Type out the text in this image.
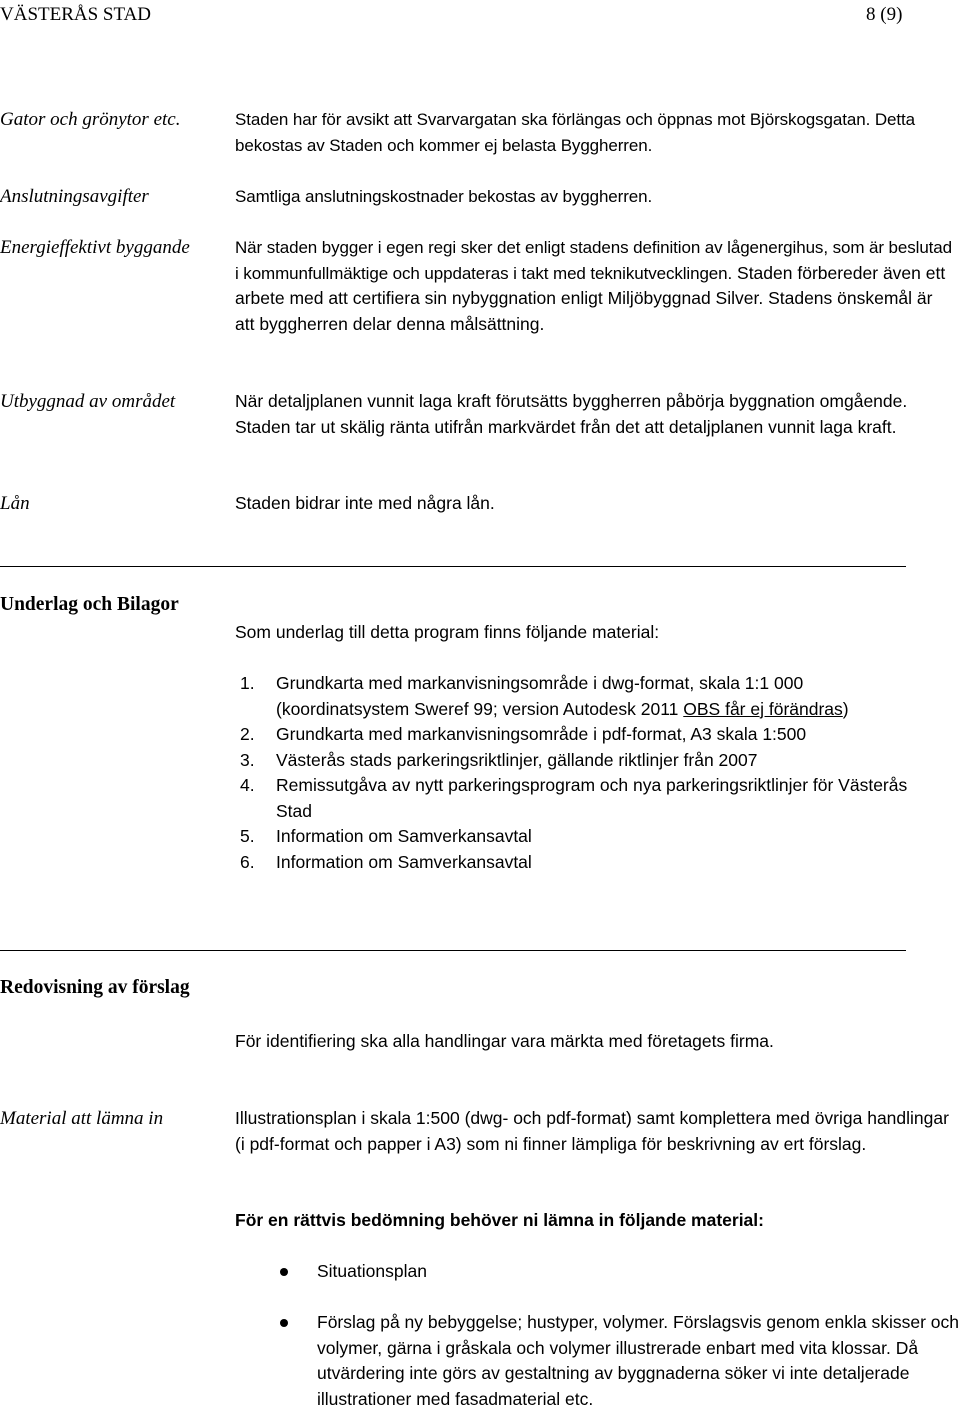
VÄSTERÅS STAD	8 (9)
Gator och grönytor etc.	Staden har för avsikt att Svarvargatan ska förlängas och öppnas mot Björskogsgatan. Detta bekostas av Staden och kommer ej belasta Byggherren.
Anslutningsavgifter	Samtliga anslutningskostnader bekostas av byggherren.
Energieffektivt byggande	När staden bygger i egen regi sker det enligt stadens definition av lågenergihus, som är beslutad i kommunfullmäktige och uppdateras i takt med teknikutvecklingen. Staden förbereder även ett arbete med att certifiera sin nybyggnation enligt Miljöbyggnad Silver. Stadens önskemål är att byggherren delar denna målsättning.
Utbyggnad av området	När detaljplanen vunnit laga kraft förutsätts byggherren påbörja byggnation omgående. Staden tar ut skälig ränta utifrån markvärdet från det att detaljplanen vunnit laga kraft.
Lån	Staden bidrar inte med några lån.
Underlag och Bilagor
Som underlag till detta program finns följande material:
1. Grundkarta med markanvisningsområde i dwg-format, skala 1:1 000 (koordinatsystem Sweref 99; version Autodesk 2011 OBS får ej förändras)
2. Grundkarta med markanvisningsområde i pdf-format, A3 skala 1:500
3. Västerås stads parkeringsriktlinjer, gällande riktlinjer från 2007
4. Remissutgåva av nytt parkeringsprogram och nya parkeringsriktlinjer för Västerås Stad
5. Information om Samverkansavtal
6. Information om Samverkansavtal
Redovisning av förslag
För identifiering ska alla handlingar vara märkta med företagets firma.
Material att lämna in	Illustrationsplan i skala 1:500 (dwg- och pdf-format) samt komplettera med övriga handlingar (i pdf-format och papper i A3) som ni finner lämpliga för beskrivning av ert förslag.
För en rättvis bedömning behöver ni lämna in följande material:
Situationsplan
Förslag på ny bebyggelse; hustyper, volymer. Förslagsvis genom enkla skisser och volymer, gärna i gråskala och volymer illustrerade enbart med vita klossar. Då utvärdering inte görs av gestaltning av byggnaderna söker vi inte detaljerade illustrationer med fasadmaterial etc.
